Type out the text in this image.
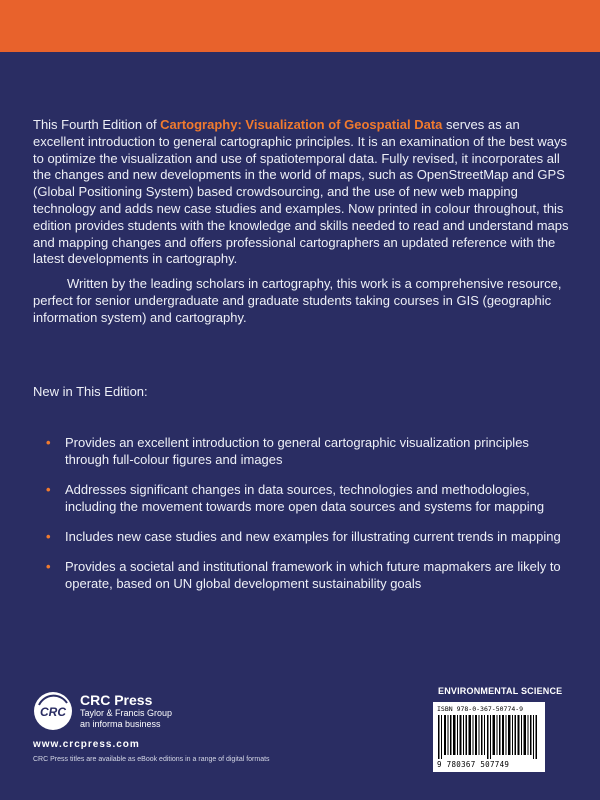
This Fourth Edition of Cartography: Visualization of Geospatial Data serves as an excellent introduction to general cartographic principles. It is an examination of the best ways to optimize the visualization and use of spatiotemporal data. Fully revised, it incorporates all the changes and new developments in the world of maps, such as OpenStreetMap and GPS (Global Positioning System) based crowdsourcing, and the use of new web mapping technology and adds new case studies and examples. Now printed in colour throughout, this edition provides students with the knowledge and skills needed to read and understand maps and mapping changes and offers professional cartographers an updated reference with the latest developments in cartography.

Written by the leading scholars in cartography, this work is a comprehensive resource, perfect for senior undergraduate and graduate students taking courses in GIS (geographic information system) and cartography.

New in This Edition:
• Provides an excellent introduction to general cartographic visualization principles through full-colour figures and images
• Addresses significant changes in data sources, technologies and methodologies, including the movement towards more open data sources and systems for mapping
• Includes new case studies and new examples for illustrating current trends in mapping
• Provides a societal and institutional framework in which future mapmakers are likely to operate, based on UN global development sustainability goals
CRC
CRC Press
Taylor & Francis Group
an informa business
www.crcpress.com
CRC Press titles are available as eBook editions in a range of digital formats
ENVIRONMENTAL SCIENCE
ISBN 978-0-367-50774-9
9 780367 507749
